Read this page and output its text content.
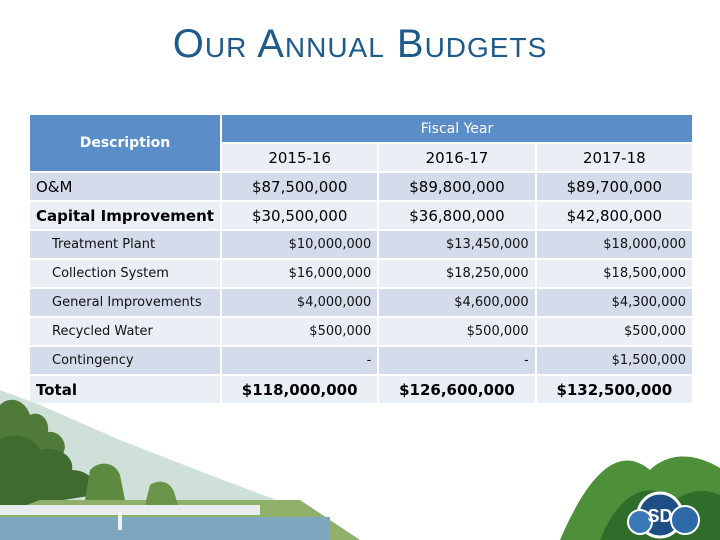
Our Annual Budgets
Description	Fiscal Year		
	2015-16	2016-17	2017-18
O&M	$87,500,000	$89,800,000	$89,700,000
Capital Improvement	$30,500,000	$36,800,000	$42,800,000
Treatment Plant	$10,000,000	$13,450,000	$18,000,000
Collection System	$16,000,000	$18,250,000	$18,500,000
General Improvements	$4,000,000	$4,600,000	$4,300,000
Recycled Water	$500,000	$500,000	$500,000
Contingency	-	-	$1,500,000
Total	$118,000,000	$126,600,000	$132,500,000
SD
